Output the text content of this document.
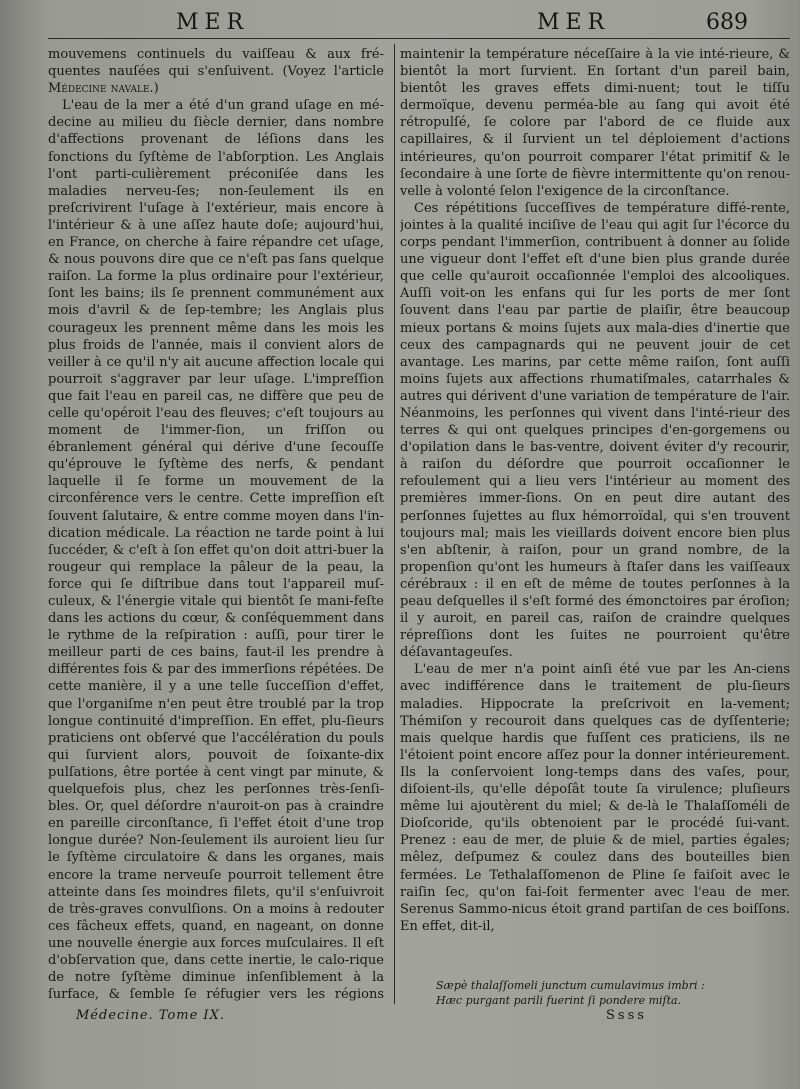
MER	MER	689

mouvemens continuels du vaiſſeau & aux fré-quentes nauſées qui s'enſuivent. (Voyez l'article Médecine navale.)

L'eau de la mer a été d'un grand uſage en mé-decine au milieu du ſiècle dernier, dans nombre d'affections provenant de léſions dans les fonctions du ſyſtème de l'abſorption. Les Anglais l'ont parti-culièrement préconiſée dans les maladies nerveu-ſes; non-ſeulement ils en preſcrivirent l'uſage à l'extérieur, mais encore à l'intérieur & à une aſſez haute doſe; aujourd'hui, en France, on cherche à faire répandre cet uſage, & nous pouvons dire que ce n'eſt pas ſans quelque raiſon. La forme la plus ordinaire pour l'extérieur, ſont les bains; ils ſe prennent communément aux mois d'avril & de ſep-tembre; les Anglais plus courageux les prennent même dans les mois les plus froids de l'année, mais il convient alors de veiller à ce qu'il n'y ait aucune affection locale qui pourroit s'aggraver par leur uſage. L'impreſſion que fait l'eau en pareil cas, ne diffère que peu de celle qu'opéroit l'eau des fleuves; c'eſt toujours au moment de l'immer-ſion, un friſſon ou ébranlement général qui dérive d'une ſecouſſe qu'éprouve le ſyſtème des nerfs, & pendant laquelle il ſe forme un mouvement de la circonférence vers le centre. Cette impreſſion eſt ſouvent ſalutaire, & entre comme moyen dans l'in-dication médicale. La réaction ne tarde point à lui ſuccéder, & c'eſt à ſon effet qu'on doit attri-buer la rougeur qui remplace la pâleur de la peau, la force qui ſe diſtribue dans tout l'appareil muſ-culeux, & l'énergie vitale qui bientôt ſe mani-feſte dans les actions du cœur, & conſéquemment dans le rythme de la reſpiration : auſſi, pour tirer le meilleur parti de ces bains, faut-il les prendre à différentes fois & par des immerſions répétées. De cette manière, il y a une telle ſucceſſion d'effet, que l'organiſme n'en peut être troublé par la trop longue continuité d'impreſſion. En effet, plu-ſieurs praticiens ont obſervé que l'accélération du pouls qui ſurvient alors, pouvoit de ſoixante-dix pulſations, être portée à cent vingt par minute, & quelquefois plus, chez les perſonnes très-ſenſi-bles. Or, quel déſordre n'auroit-on pas à craindre en pareille circonſtance, ſi l'effet étoit d'une trop longue durée? Non-ſeulement ils auroient lieu ſur le ſyſtème circulatoire & dans les organes, mais encore la trame nerveuſe pourroit tellement être atteinte dans ſes moindres filets, qu'il s'enſuivroit de très-graves convulſions. On a moins à redouter ces fâcheux effets, quand, en nageant, on donne une nouvelle énergie aux forces muſculaires. Il eſt d'obſervation que, dans cette inertie, le calo-rique de notre ſyſtème diminue inſenſiblement à la ſurface, & ſemble ſe réfugier vers les régions

maintenir la température néceſſaire à la vie inté-rieure, & bientôt la mort ſurvient. En ſortant d'un pareil bain, bientôt les graves effets dimi-nuent; tout le tiſſu dermoïque, devenu perméa-ble au ſang qui avoit été rétropulſé, ſe colore par l'abord de ce fluide aux capillaires, & il ſurvient un tel déploiement d'actions intérieures, qu'on pourroit comparer l'état primitif & le ſecondaire à une ſorte de fièvre intermittente qu'on renou-velle à volonté ſelon l'exigence de la circonſtance.

Ces répétitions ſucceſſives de température diffé-rente, jointes à la qualité inciſive de l'eau qui agit ſur l'écorce du corps pendant l'immerſion, contribuent à donner au ſolide une vigueur dont l'effet eſt d'une bien plus grande durée que celle qu'auroit occaſionnée l'emploi des alcooliques. Auſſi voit-on les enfans qui ſur les ports de mer ſont ſouvent dans l'eau par partie de plaiſir, être beaucoup mieux portans & moins ſujets aux mala-dies d'inertie que ceux des campagnards qui ne peuvent jouir de cet avantage. Les marins, par cette même raiſon, ſont auſſi moins ſujets aux affections rhumatiſmales, catarrhales & autres qui dérivent d'une variation de température de l'air. Néanmoins, les perſonnes qui vivent dans l'inté-rieur des terres & qui ont quelques principes d'en-gorgemens ou d'opilation dans le bas-ventre, doivent éviter d'y recourir, à raiſon du déſordre que pourroit occaſionner le refoulement qui a lieu vers l'intérieur au moment des premières immer-ſions. On en peut dire autant des perſonnes ſujettes au flux hémorroïdal, qui s'en trouvent toujours mal; mais les vieillards doivent encore bien plus s'en abſtenir, à raiſon, pour un grand nombre, de la propenſion qu'ont les humeurs à ſtaſer dans les vaiſſeaux cérébraux : il en eſt de même de toutes perſonnes à la peau deſquelles il s'eſt formé des émonctoires par éroſion; il y auroit, en pareil cas, raiſon de craindre quelques répreſſions dont les ſuites ne pourroient qu'être déſavantageuſes.

L'eau de mer n'a point ainſi été vue par les An-ciens avec indifférence dans le traitement de plu-ſieurs maladies. Hippocrate la preſcrivoit en la-vement; Thémiſon y recouroit dans quelques cas de dyſſenterie; mais quelque hardis que fuſſent ces praticiens, ils ne l'étoient point encore aſſez pour la donner intérieurement. Ils la conſervoient long-temps dans des vaſes, pour, diſoient-ils, qu'elle dépoſât toute ſa virulence; pluſieurs même lui ajoutèrent du miel; & de-là le Thalaſſoméli de Dioſcoride, qu'ils obtenoient par le procédé ſui-vant. Prenez : eau de mer, de pluie & de miel, parties égales; mêlez, deſpumez & coulez dans des bouteilles bien fermées. Le Tethalaſſomenon de Pline ſe faiſoit avec le raiſin ſec, qu'on fai-ſoit fermenter avec l'eau de mer. Serenus Sammo-nicus étoit grand partiſan de ces boiſſons. En effet, dit-il,

Sæpè thalaſſomeli junctum cumulavimus imbri :
Hæc purgant parili fuerint ſi pondere miſta.
Médecine. Tome IX.	Ssss
